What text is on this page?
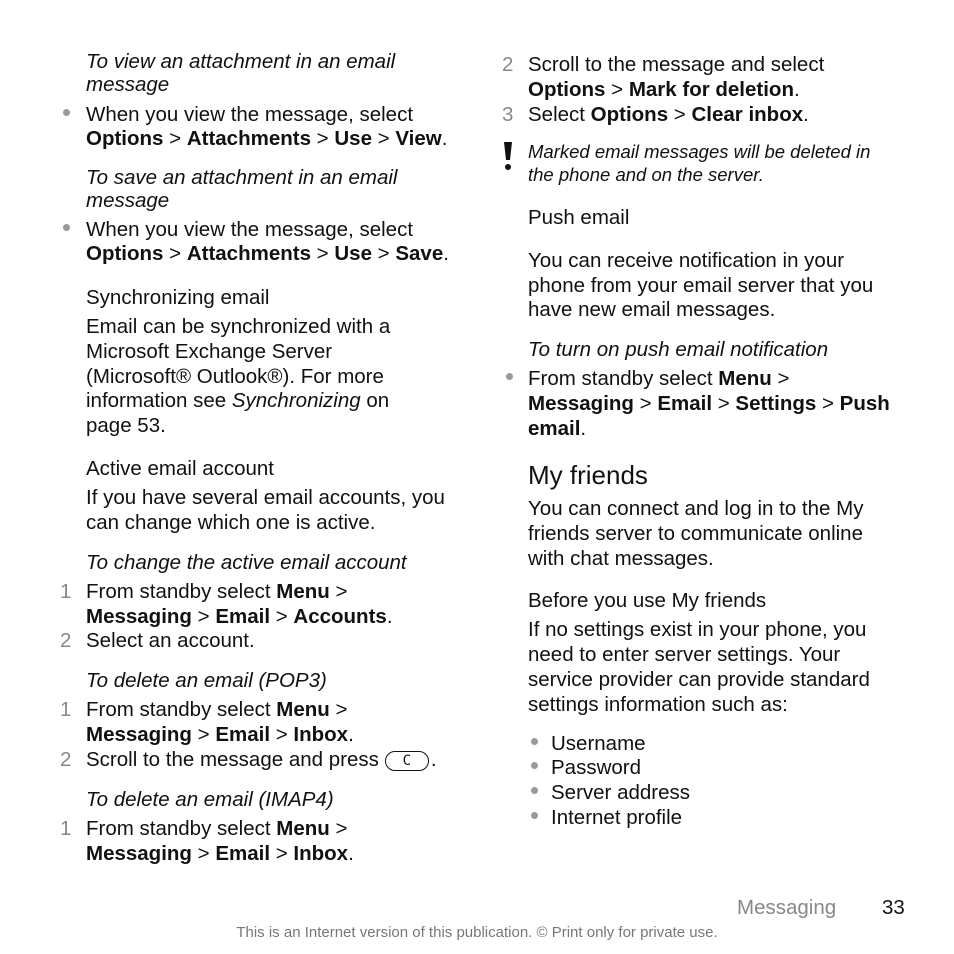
To view an attachment in an email message
When you view the message, select
Options > Attachments > Use > View.
To save an attachment in an email message
When you view the message, select
Options > Attachments > Use > Save.
Synchronizing email
Email can be synchronized with a
Microsoft Exchange Server
(Microsoft® Outlook®). For more
information see Synchronizing on
page 53.
Active email account
If you have several email accounts, you
can change which one is active.
To change the active email account
1 From standby select Menu >
Messaging > Email > Accounts.
2 Select an account.
To delete an email (POP3)
1 From standby select Menu >
Messaging > Email > Inbox.
2 Scroll to the message and press C .
To delete an email (IMAP4)
1 From standby select Menu >
Messaging > Email > Inbox.
2 Scroll to the message and select
Options > Mark for deletion.
3 Select Options > Clear inbox.
Marked email messages will be deleted in
the phone and on the server.
Push email
You can receive notification in your
phone from your email server that you
have new email messages.
To turn on push email notification
From standby select Menu >
Messaging > Email > Settings > Push
email.
My friends
You can connect and log in to the My
friends server to communicate online
with chat messages.
Before you use My friends
If no settings exist in your phone, you
need to enter server settings. Your
service provider can provide standard
settings information such as:
Username
Password
Server address
Internet profile
Messaging 33
This is an Internet version of this publication. © Print only for private use.
